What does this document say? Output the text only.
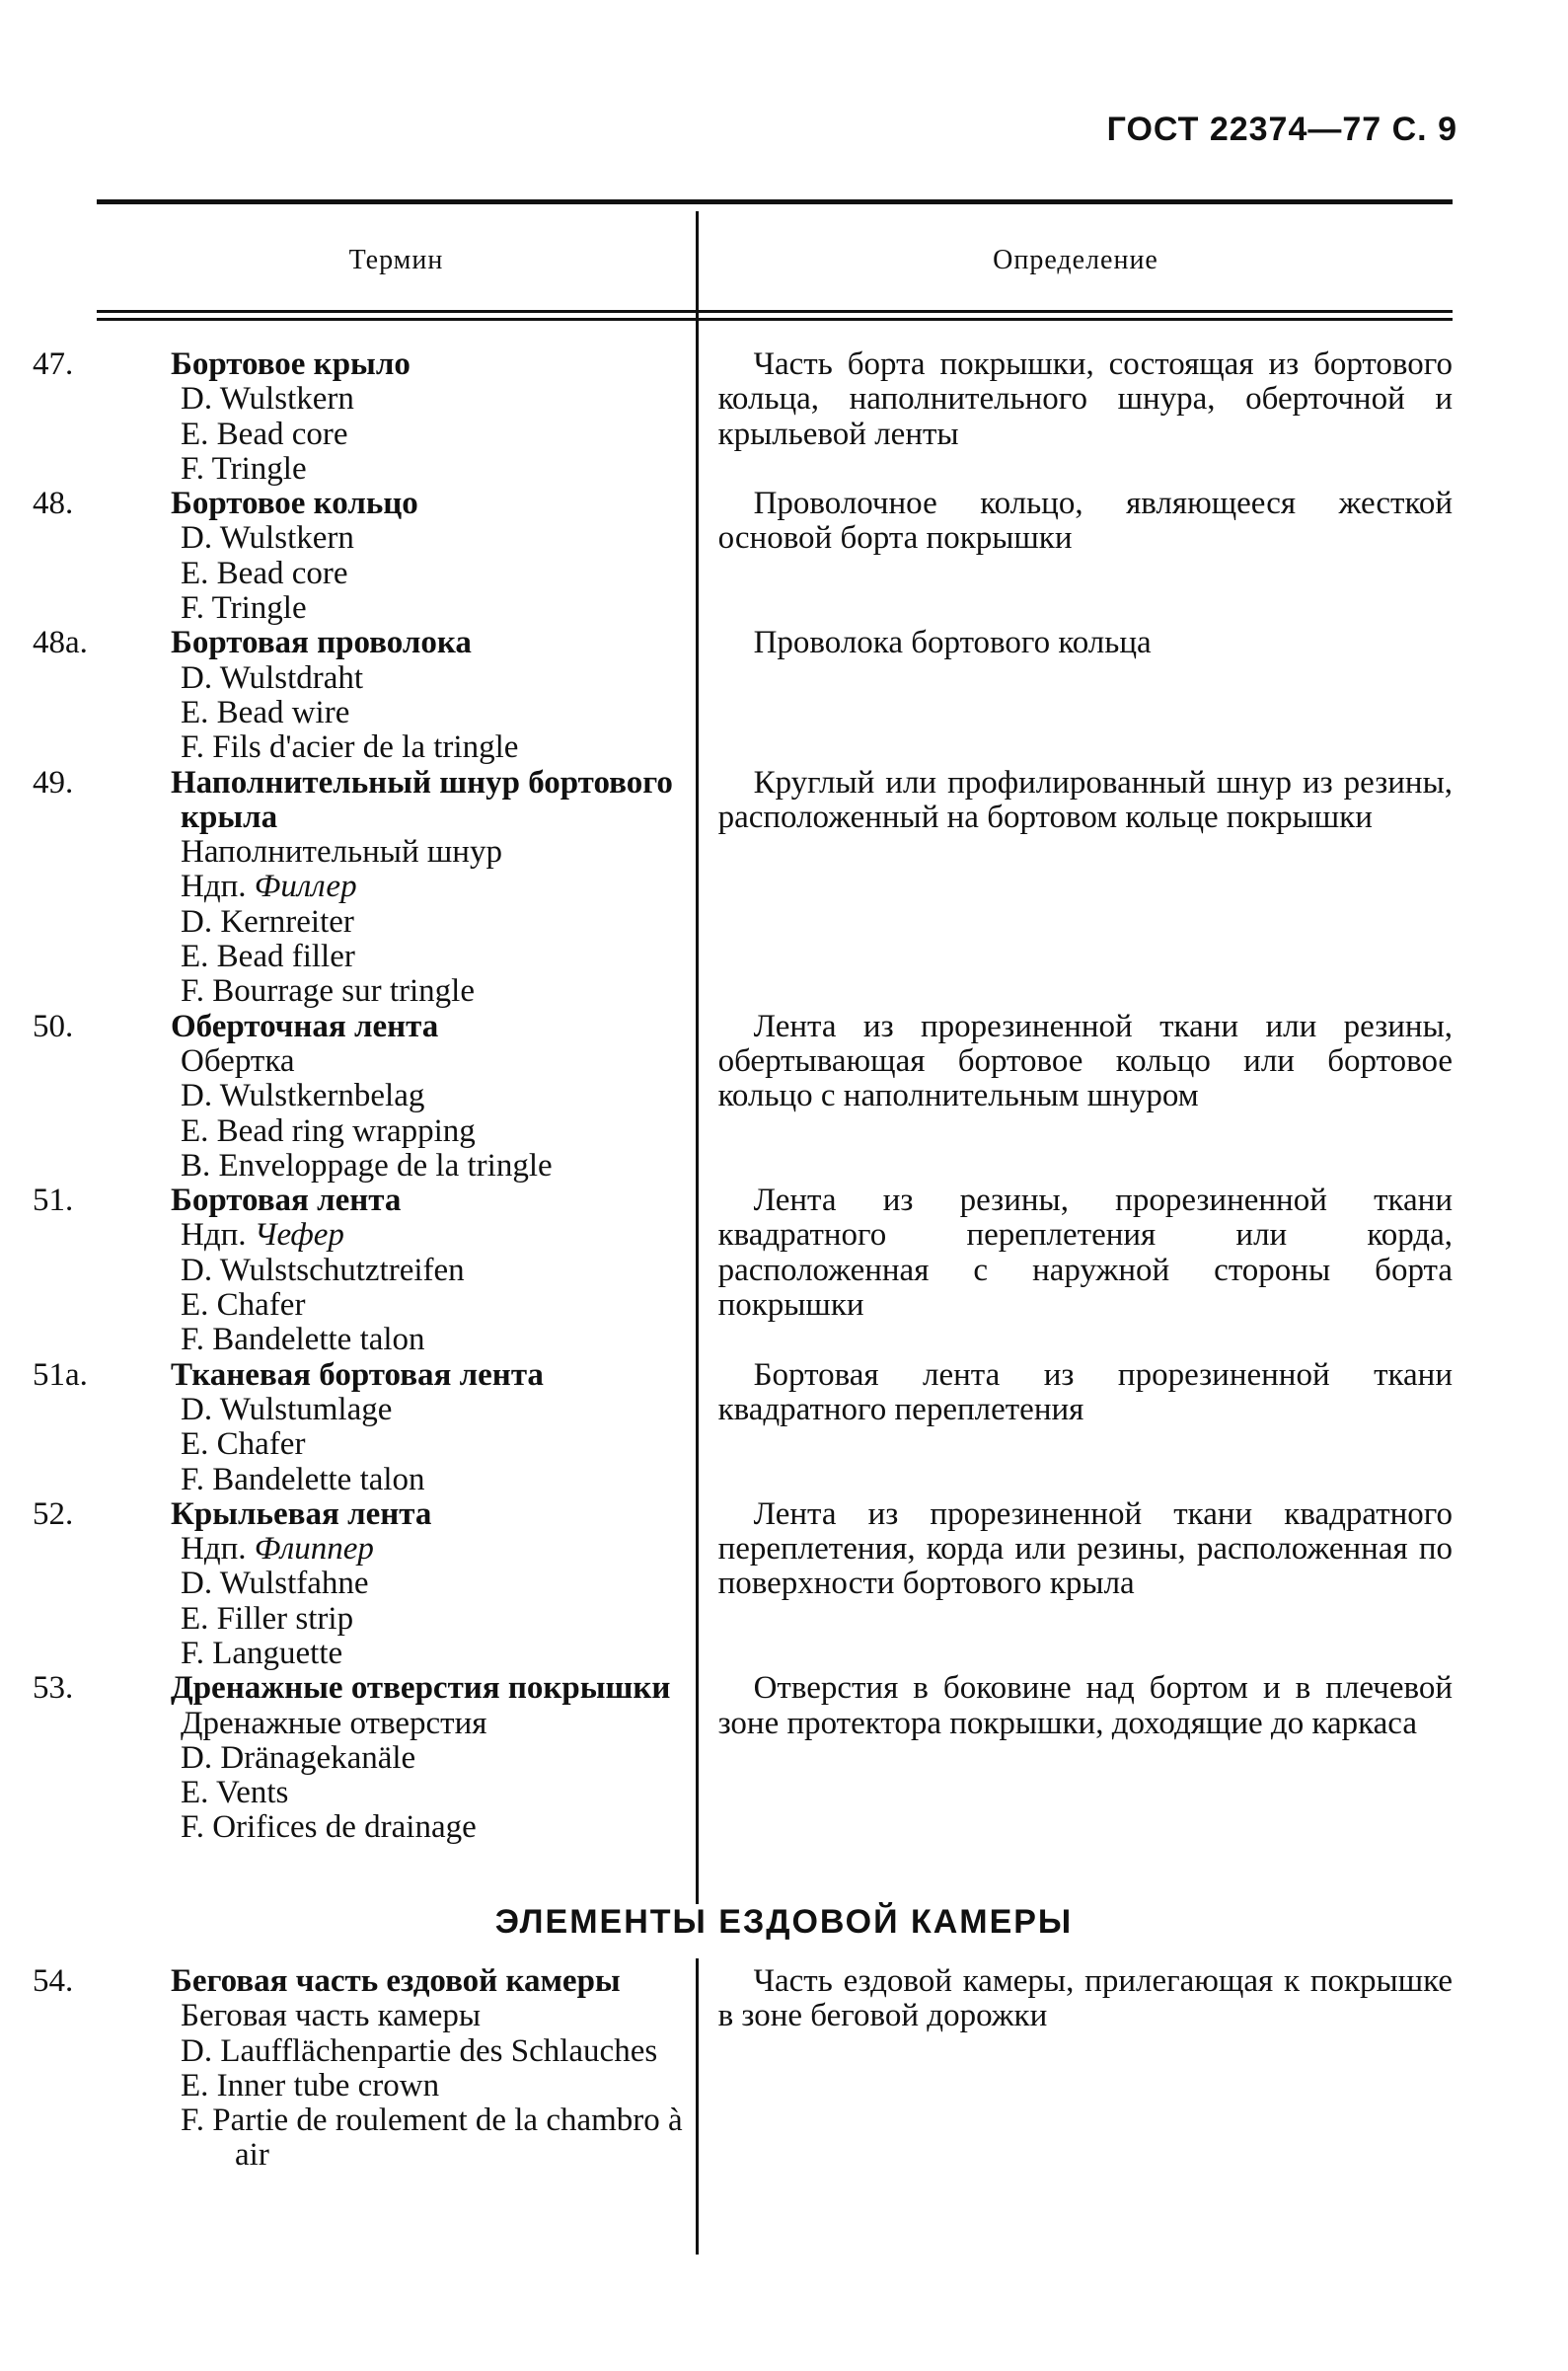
ГОСТ 22374—77 С. 9
Термин	Определение
47.	Бортовое крыло
D. Wulstkern
E. Bead core
F. Tringle

Часть борта покрышки, состоящая из бортового кольца, наполнительного шнура, оберточной и крыльевой ленты

48.	Бортовое кольцо
D. Wulstkern
E. Bead core
F. Tringle

Проволочное кольцо, являющееся жесткой основой борта покрышки

48а.	Бортовая проволока
D. Wulstdraht
E. Bead wire
F. Fils d'acier de la tringle

Проволока бортового кольца

49.	Наполнительный шнур бортового крыла
Наполнительный шнур
Ндп. Филлер
D. Kernreiter
E. Bead filler
F. Bourrage sur tringle

Круглый или профилированный шнур из резины, расположенный на бортовом кольце покрышки

50.	Оберточная лента
Обертка
D. Wulstkernbelag
E. Bead ring wrapping
B. Enveloppage de la tringle

Лента из прорезиненной ткани или резины, обертывающая бортовое кольцо или бортовое кольцо с наполнительным шнуром

51.	Бортовая лента
Ндп. Чефер
D. Wulstschutztreifen
E. Chafer
F. Bandelette talon

Лента из резины, прорезиненной ткани квадратного переплетения или корда, расположенная с наружной стороны борта покрышки

51а.	Тканевая бортовая лента
D. Wulstumlage
E. Chafer
F. Bandelette talon

Бортовая лента из прорезиненной ткани квадратного переплетения

52.	Крыльевая лента
Ндп. Флиппер
D. Wulstfahne
E. Filler strip
F. Languette

Лента из прорезиненной ткани квадратного переплетения, корда или резины, расположенная по поверхности бортового крыла

53.	Дренажные отверстия покрышки
Дренажные отверстия
D. Dränagekanäle
E. Vents
F. Orifices de drainage

Отверстия в боковине над бортом и в плечевой зоне протектора покрышки, доходящие до каркаса

ЭЛЕМЕНТЫ ЕЗДОВОЙ КАМЕРЫ
54.	Беговая часть ездовой камеры
Беговая часть камеры
D. Laufflächenpartie des Schlauches
E. Inner tube crown
F. Partie de roulement de la chambro à air

Часть ездовой камеры, прилегающая к покрышке в зоне беговой дорожки
